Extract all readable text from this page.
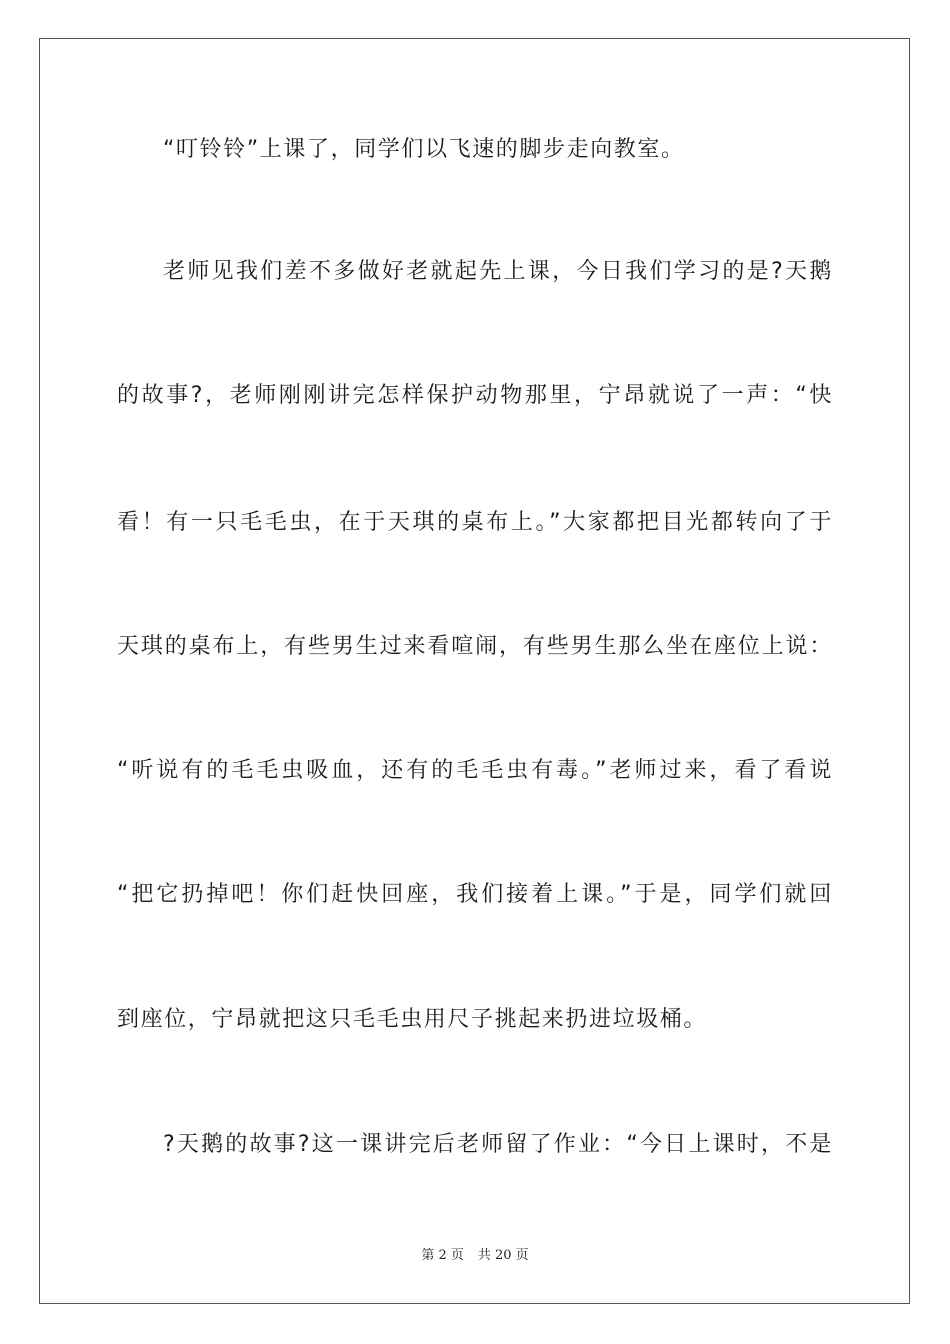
“叮铃铃”上课了，同学们以飞速的脚步走向教室。
老师见我们差不多做好老就起先上课，今日我们学习的是?天鹅
的故事?，老师刚刚讲完怎样保护动物那里，宁昂就说了一声：“快
看！有一只毛毛虫，在于天琪的桌布上。”大家都把目光都转向了于
天琪的桌布上，有些男生过来看喧闹，有些男生那么坐在座位上说：
“听说有的毛毛虫吸血，还有的毛毛虫有毒。”老师过来，看了看说
“把它扔掉吧！你们赶快回座，我们接着上课。”于是，同学们就回
到座位，宁昂就把这只毛毛虫用尺子挑起来扔进垃圾桶。
?天鹅的故事?这一课讲完后老师留了作业：“今日上课时，不是
第 2 页 共 20 页
